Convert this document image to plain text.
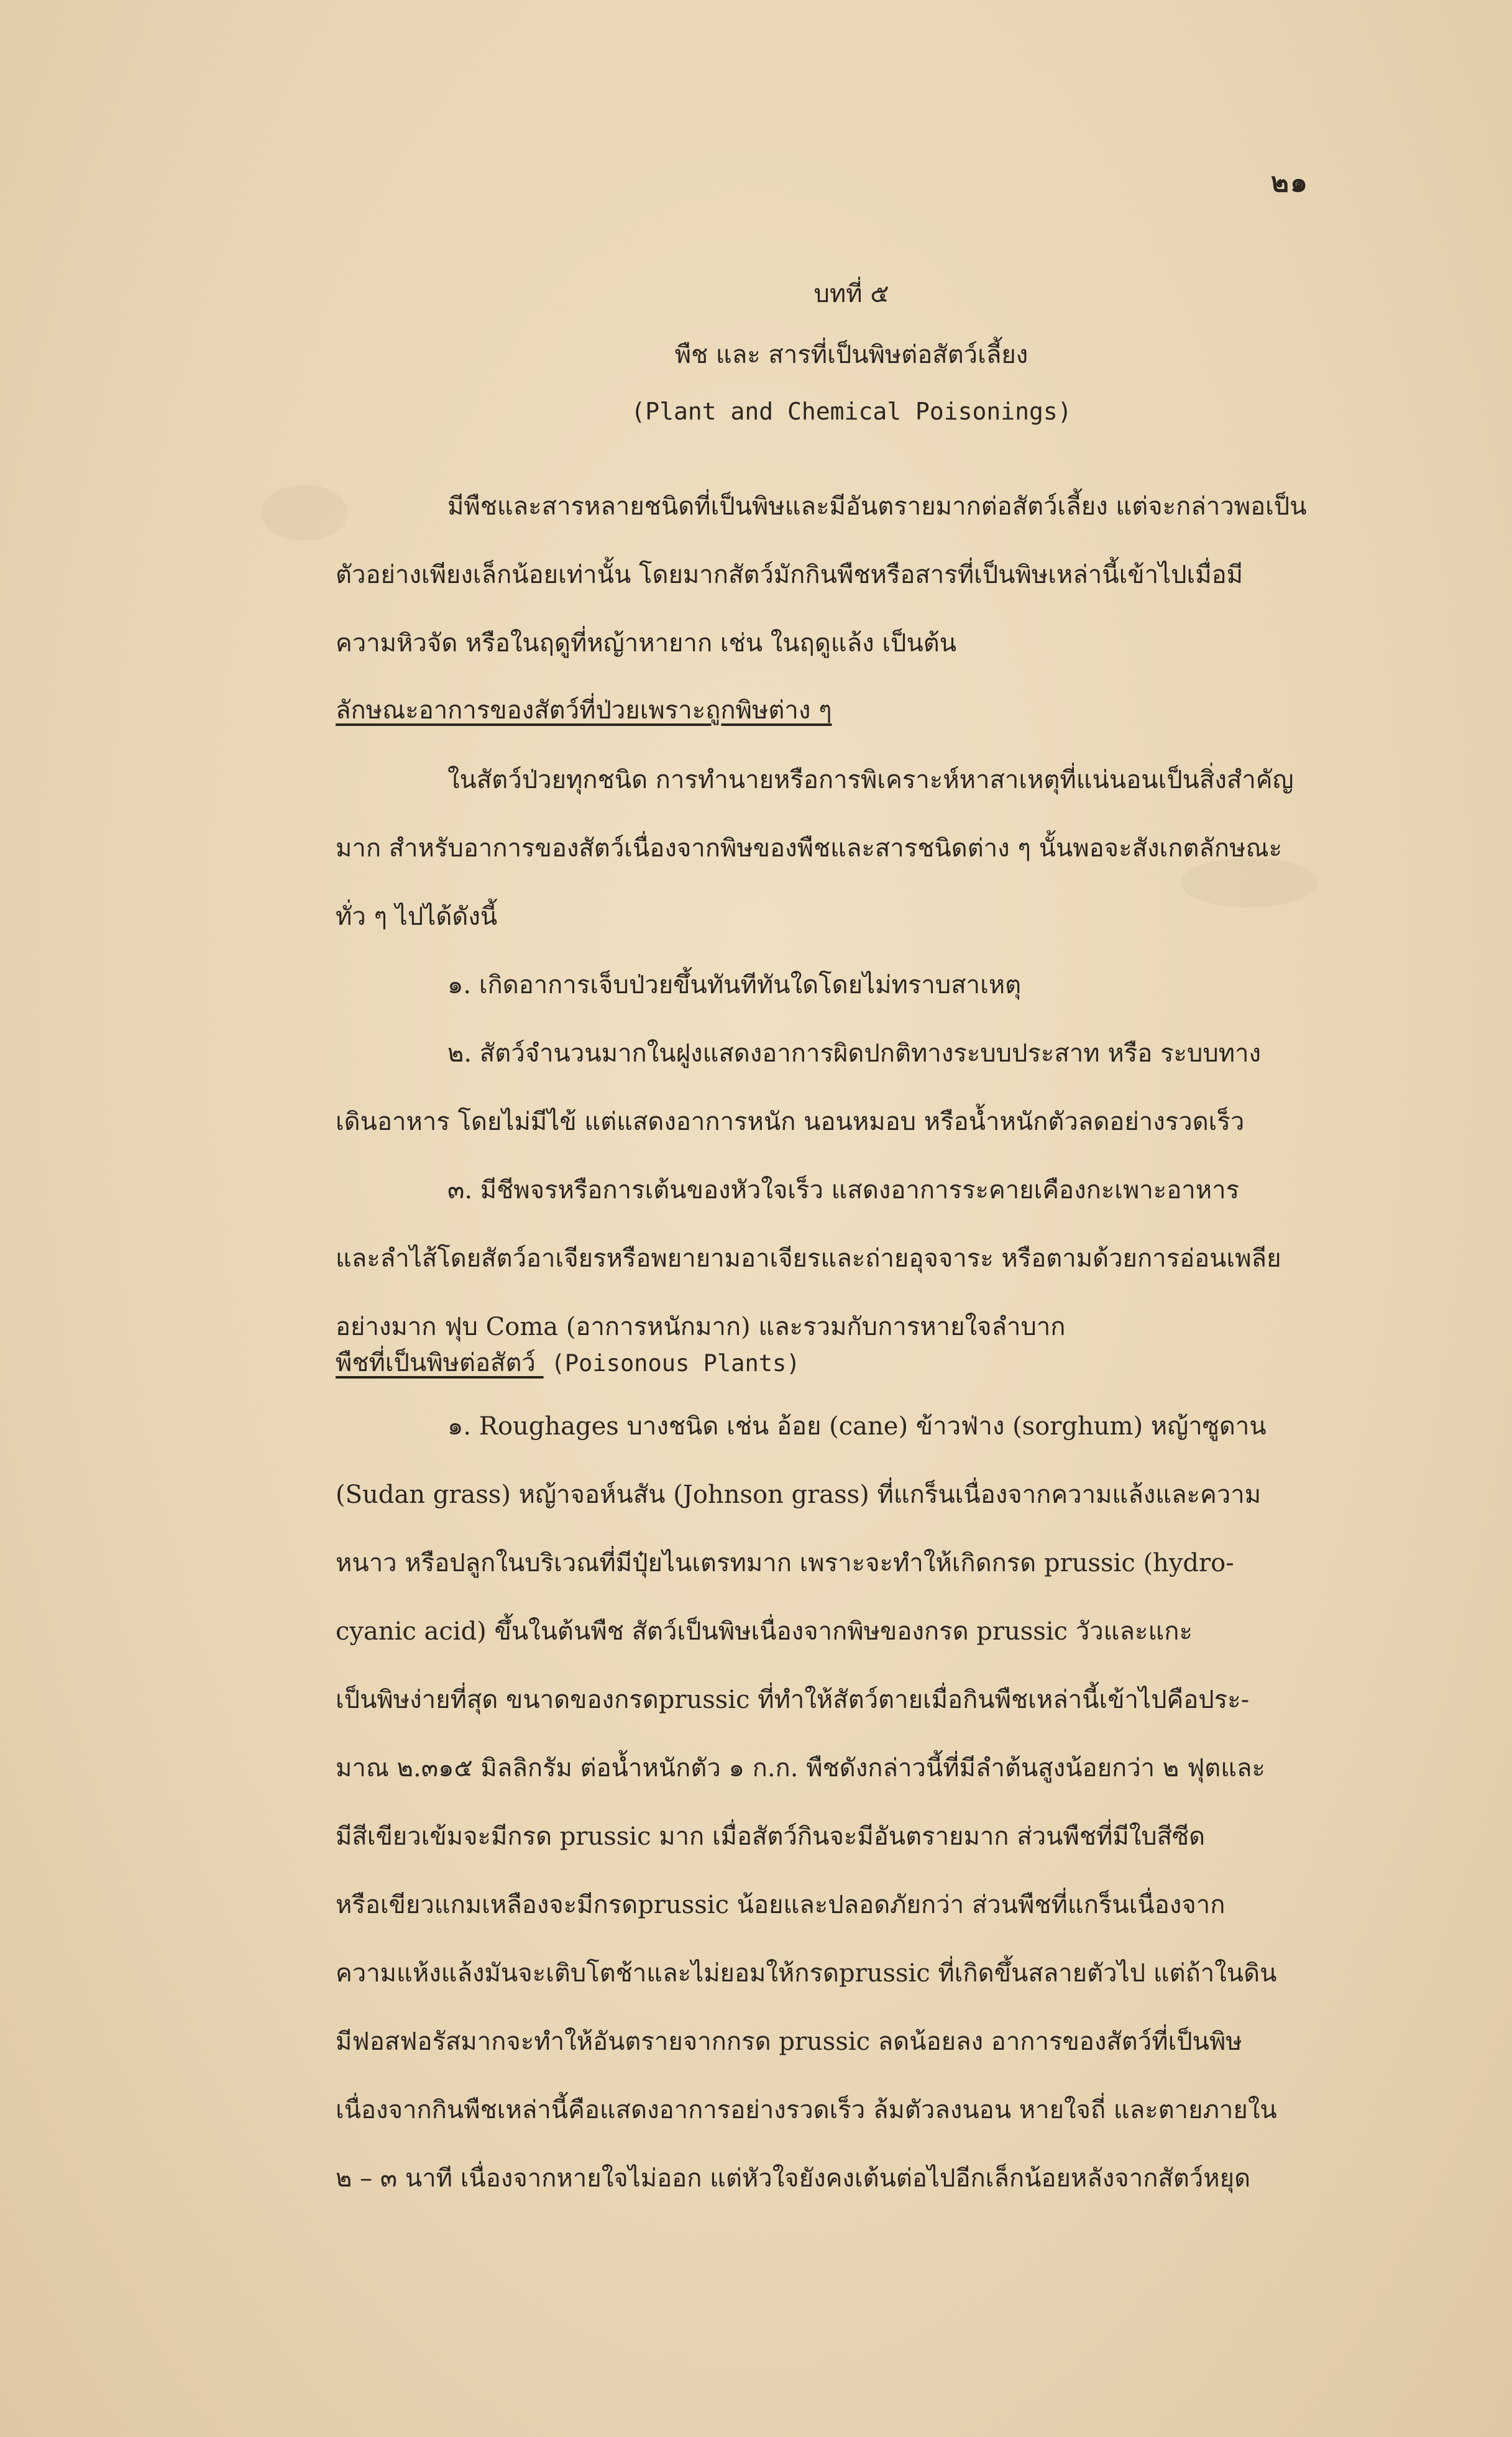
๒๑
บทที่ ๕
พืช และ สารที่เป็นพิษต่อสัตว์เลี้ยง
(Plant and Chemical Poisonings)
มีพืชและสารหลายชนิดที่เป็นพิษและมีอันตรายมากต่อสัตว์เลี้ยง แต่จะกล่าวพอเป็น
ตัวอย่างเพียงเล็กน้อยเท่านั้น โดยมากสัตว์มักกินพืชหรือสารที่เป็นพิษเหล่านี้เข้าไปเมื่อมี
ความหิวจัด หรือในฤดูที่หญ้าหายาก เช่น ในฤดูแล้ง เป็นต้น
ลักษณะอาการของสัตว์ที่ป่วยเพราะถูกพิษต่าง ๆ
ในสัตว์ป่วยทุกชนิด การทำนายหรือการพิเคราะห์หาสาเหตุที่แน่นอนเป็นสิ่งสำคัญ
มาก สำหรับอาการของสัตว์เนื่องจากพิษของพืชและสารชนิดต่าง ๆ นั้นพอจะสังเกตลักษณะ
ทั่ว ๆ ไปได้ดังนี้
๑. เกิดอาการเจ็บป่วยขึ้นทันทีทันใดโดยไม่ทราบสาเหตุ
๒. สัตว์จำนวนมากในฝูงแสดงอาการผิดปกติทางระบบประสาท หรือ ระบบทาง
เดินอาหาร โดยไม่มีไข้ แต่แสดงอาการหนัก นอนหมอบ หรือน้ำหนักตัวลดอย่างรวดเร็ว
๓. มีชีพจรหรือการเต้นของหัวใจเร็ว แสดงอาการระคายเคืองกะเพาะอาหาร
และลำไส้โดยสัตว์อาเจียรหรือพยายามอาเจียรและถ่ายอุจจาระ หรือตามด้วยการอ่อนเพลีย
อย่างมาก ฟุบ Coma (อาการหนักมาก) และรวมกับการหายใจลำบาก
พืชที่เป็นพิษต่อสัตว์ (Poisonous Plants)
๑. Roughages บางชนิด เช่น อ้อย (cane) ข้าวฟ่าง (sorghum) หญ้าซูดาน
(Sudan grass) หญ้าจอห์นสัน (Johnson grass) ที่แกร็นเนื่องจากความแล้งและความ
หนาว หรือปลูกในบริเวณที่มีปุ๋ยไนเตรทมาก เพราะจะทำให้เกิดกรด prussic (hydro-
cyanic acid) ขึ้นในต้นพืช สัตว์เป็นพิษเนื่องจากพิษของกรด prussic วัวและแกะ
เป็นพิษง่ายที่สุด ขนาดของกรดprussic ที่ทำให้สัตว์ตายเมื่อกินพืชเหล่านี้เข้าไปคือประ-
มาณ ๒.๓๑๕ มิลลิกรัม ต่อน้ำหนักตัว ๑ ก.ก. พืชดังกล่าวนี้ที่มีลำต้นสูงน้อยกว่า ๒ ฟุตและ
มีสีเขียวเข้มจะมีกรด prussic มาก เมื่อสัตว์กินจะมีอันตรายมาก ส่วนพืชที่มีใบสีซีด
หรือเขียวแกมเหลืองจะมีกรดprussic น้อยและปลอดภัยกว่า ส่วนพืชที่แกร็นเนื่องจาก
ความแห้งแล้งมันจะเติบโตช้าและไม่ยอมให้กรดprussic ที่เกิดขึ้นสลายตัวไป แต่ถ้าในดิน
มีฟอสฟอรัสมากจะทำให้อันตรายจากกรด prussic ลดน้อยลง อาการของสัตว์ที่เป็นพิษ
เนื่องจากกินพืชเหล่านี้คือแสดงอาการอย่างรวดเร็ว ล้มตัวลงนอน หายใจถี่ และตายภายใน
๒ – ๓ นาที เนื่องจากหายใจไม่ออก แต่หัวใจยังคงเต้นต่อไปอีกเล็กน้อยหลังจากสัตว์หยุด
